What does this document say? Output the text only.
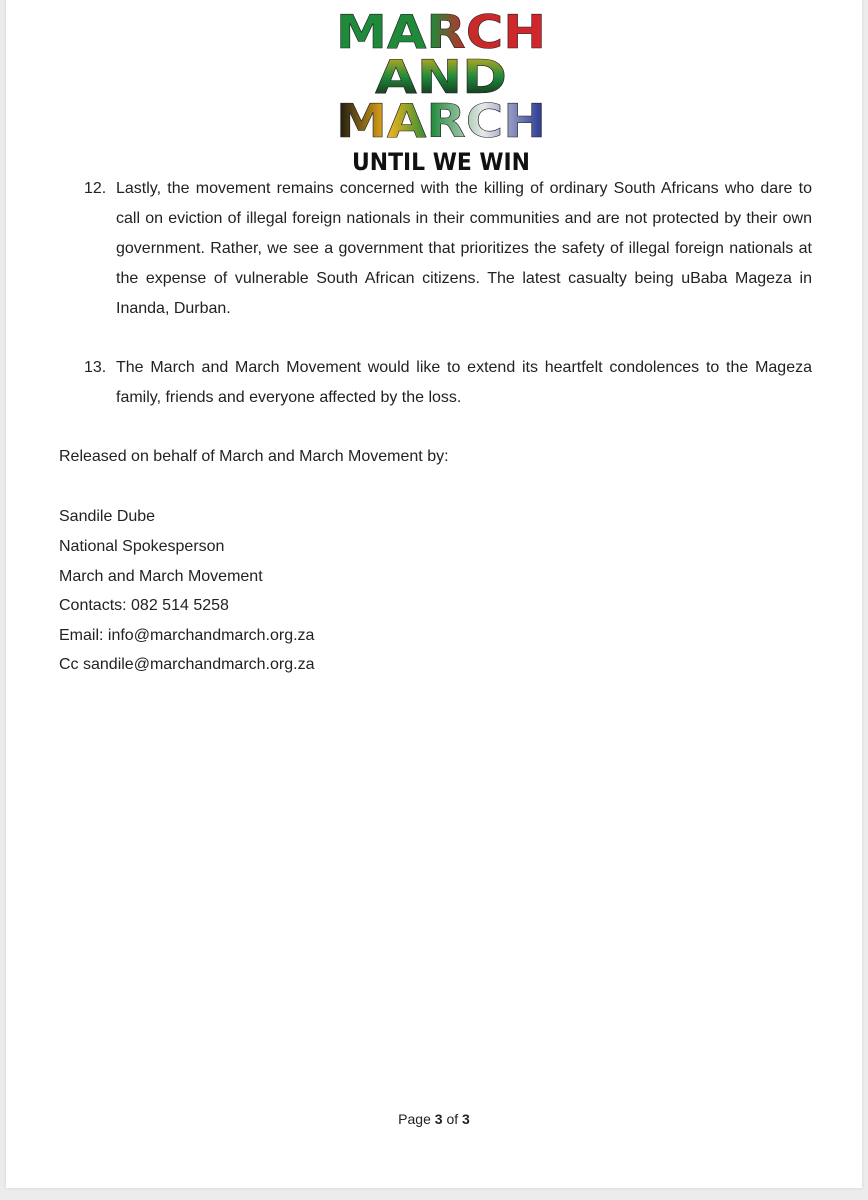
MARCH
AND
MARCH
UNTIL WE WIN
12. Lastly, the movement remains concerned with the killing of ordinary South Africans who dare to call on eviction of illegal foreign nationals in their communities and are not protected by their own government. Rather, we see a government that prioritizes the safety of illegal foreign nationals at the expense of vulnerable South African citizens. The latest casualty being uBaba Mageza in Inanda, Durban.
13. The March and March Movement would like to extend its heartfelt condolences to the Mageza family, friends and everyone affected by the loss.
Released on behalf of March and March Movement by:
Sandile Dube
National Spokesperson
March and March Movement
Contacts: 082 514 5258
Email: info@marchandmarch.org.za
Cc sandile@marchandmarch.org.za
Page 3 of 3
